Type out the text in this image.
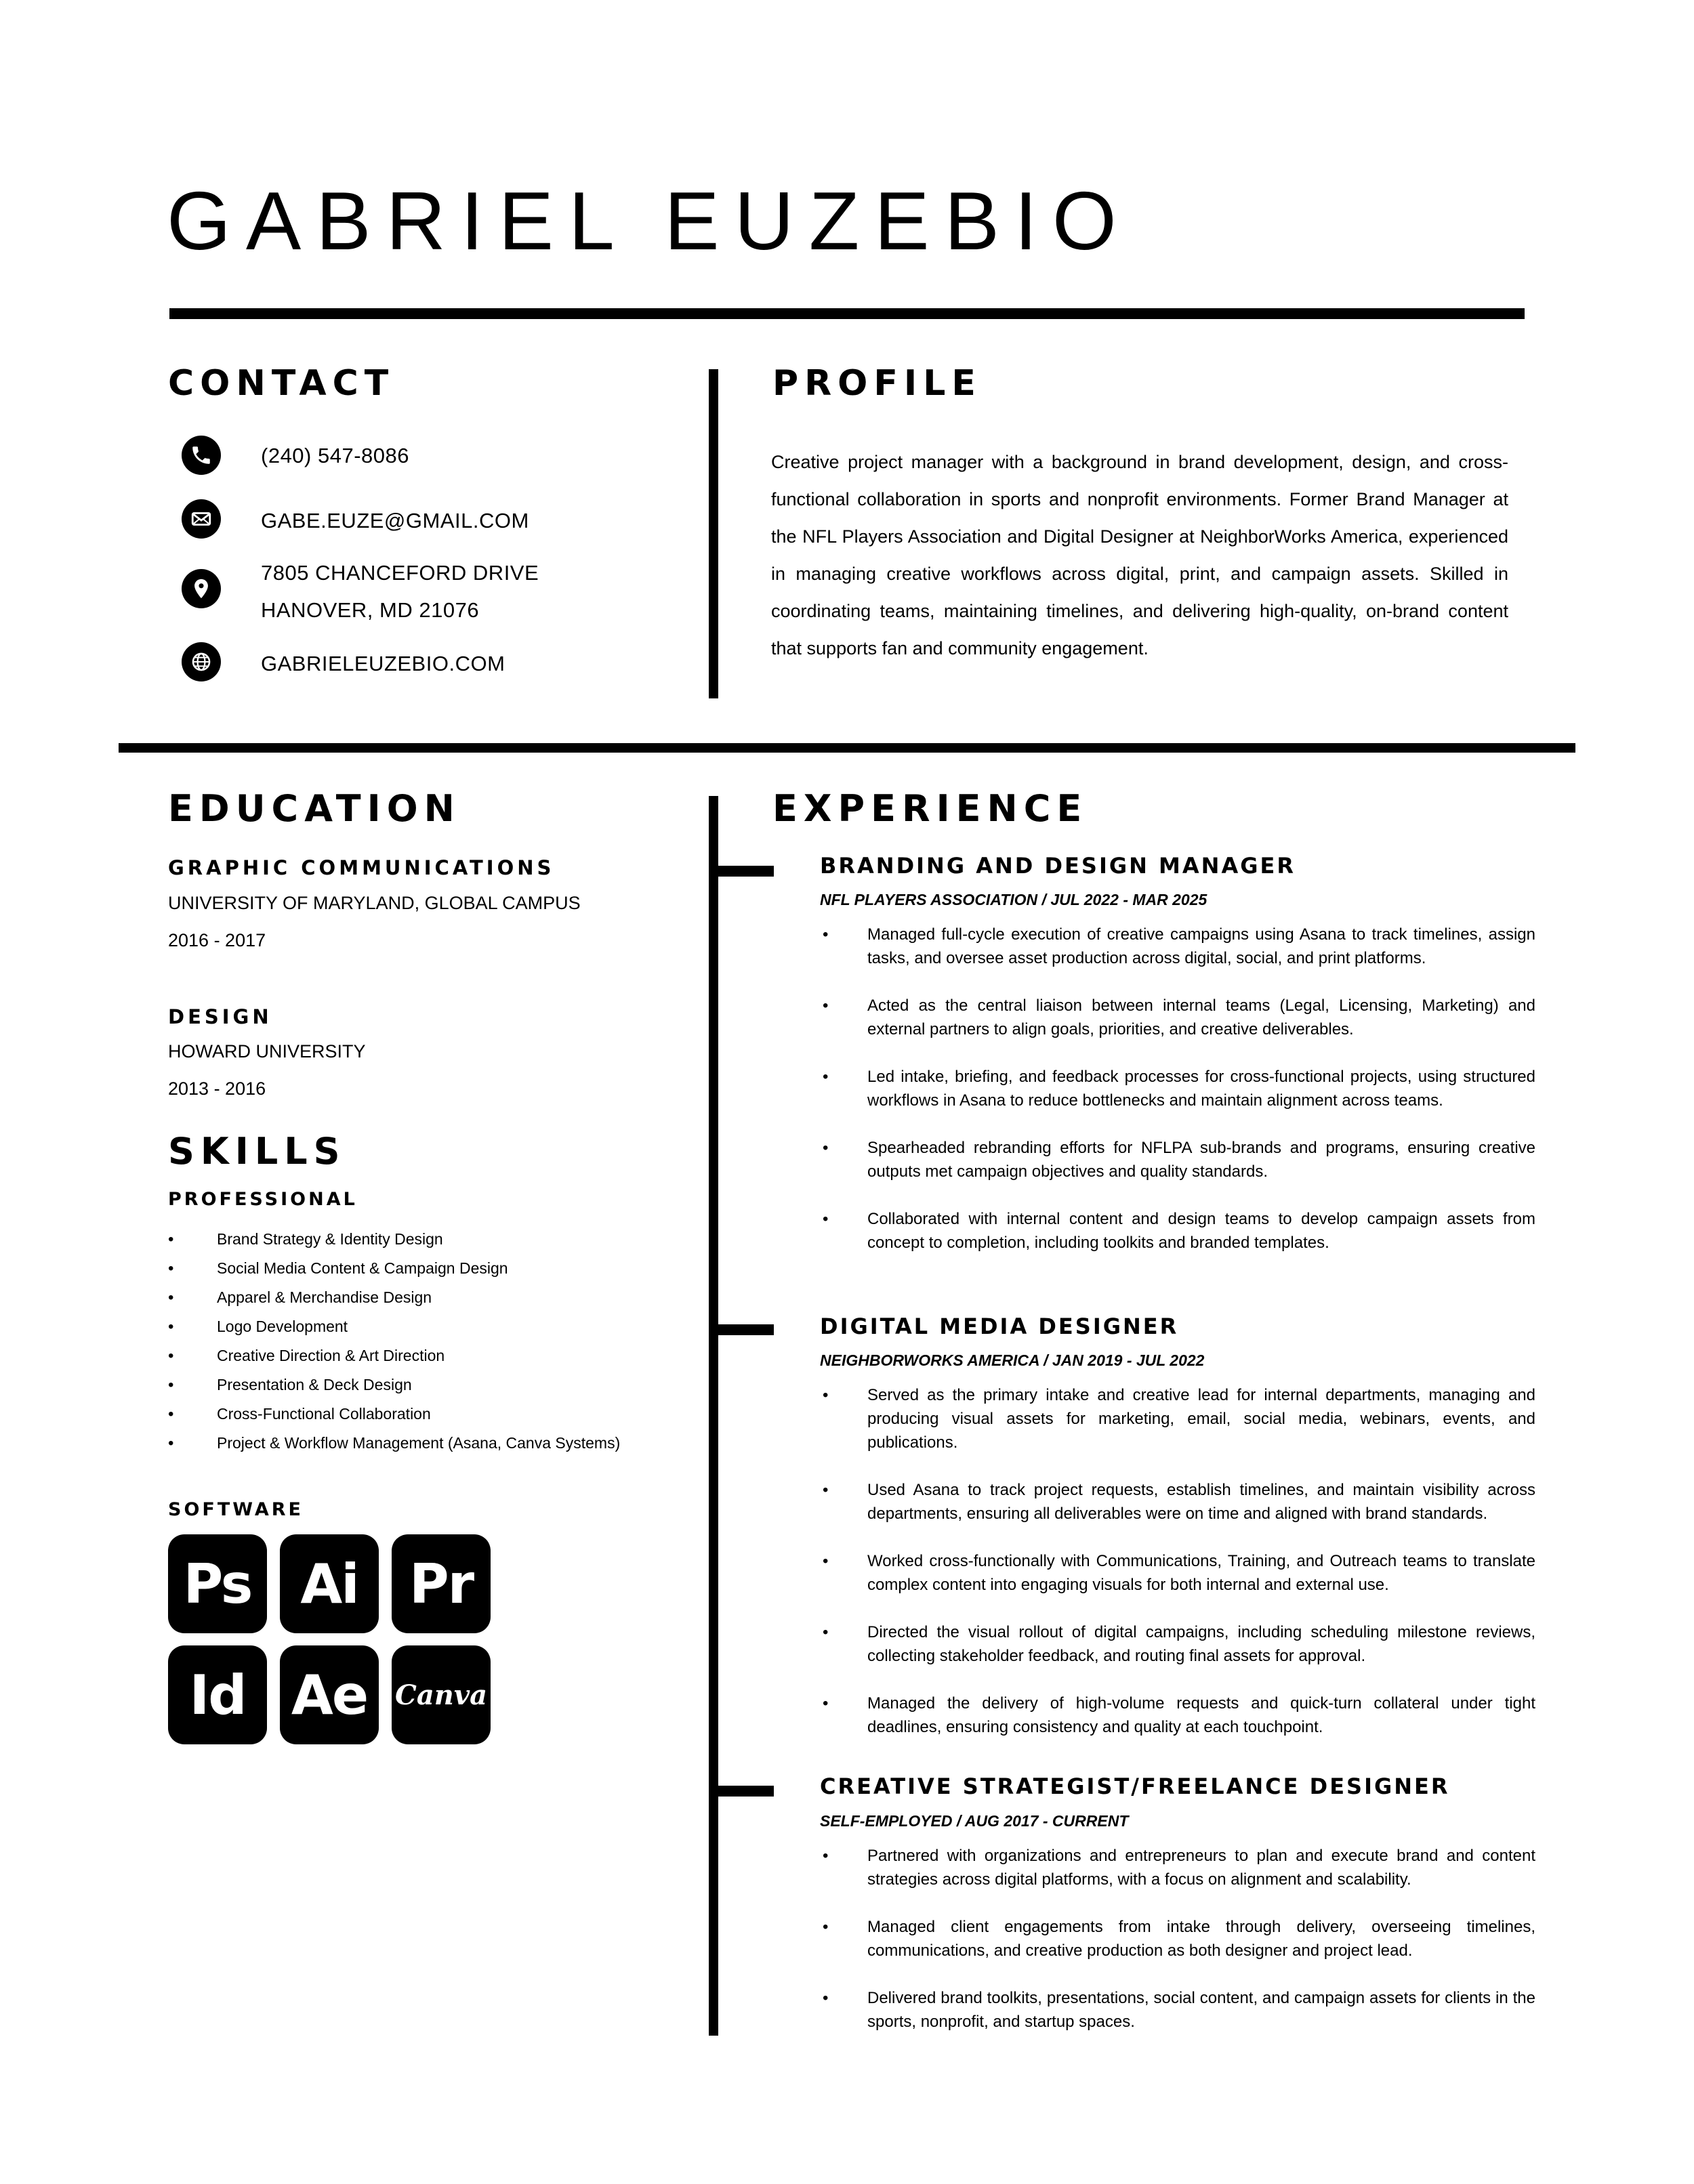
GABRIEL EUZEBIO
CONTACT
(240) 547-8086
GABE.EUZE@GMAIL.COM
7805 CHANCEFORD DRIVE
HANOVER, MD 21076
GABRIELEUZEBIO.COM
PROFILE
Creative project manager with a background in brand development, design, and cross-functional collaboration in sports and nonprofit environments. Former Brand Manager at the NFL Players Association and Digital Designer at NeighborWorks America, experienced in managing creative workflows across digital, print, and campaign assets. Skilled in coordinating teams, maintaining timelines, and delivering high-quality, on-brand content that supports fan and community engagement.
EDUCATION
GRAPHIC COMMUNICATIONS
UNIVERSITY OF MARYLAND, GLOBAL CAMPUS
2016 - 2017
DESIGN
HOWARD UNIVERSITY
2013 - 2016
SKILLS
PROFESSIONAL
• Brand Strategy & Identity Design
• Social Media Content & Campaign Design
• Apparel & Merchandise Design
• Logo Development
• Creative Direction & Art Direction
• Presentation & Deck Design
• Cross-Functional Collaboration
• Project & Workflow Management (Asana, Canva Systems)
SOFTWARE
Ps Ai Pr
Id Ae	Canva
EXPERIENCE
BRANDING AND DESIGN MANAGER
NFL PLAYERS ASSOCIATION / JUL 2022 - MAR 2025
• Managed full-cycle execution of creative campaigns using Asana to track timelines, assign tasks, and oversee asset production across digital, social, and print platforms.
• Acted as the central liaison between internal teams (Legal, Licensing, Marketing) and external partners to align goals, priorities, and creative deliverables.
• Led intake, briefing, and feedback processes for cross-functional projects, using structured workflows in Asana to reduce bottlenecks and maintain alignment across teams.
• Spearheaded rebranding efforts for NFLPA sub-brands and programs, ensuring creative outputs met campaign objectives and quality standards.
• Collaborated with internal content and design teams to develop campaign assets from concept to completion, including toolkits and branded templates.
DIGITAL MEDIA DESIGNER
NEIGHBORWORKS AMERICA / JAN 2019 - JUL 2022
• Served as the primary intake and creative lead for internal departments, managing and producing visual assets for marketing, email, social media, webinars, events, and publications.
• Used Asana to track project requests, establish timelines, and maintain visibility across departments, ensuring all deliverables were on time and aligned with brand standards.
• Worked cross-functionally with Communications, Training, and Outreach teams to translate complex content into engaging visuals for both internal and external use.
• Directed the visual rollout of digital campaigns, including scheduling milestone reviews, collecting stakeholder feedback, and routing final assets for approval.
• Managed the delivery of high-volume requests and quick-turn collateral under tight deadlines, ensuring consistency and quality at each touchpoint.
CREATIVE STRATEGIST/FREELANCE DESIGNER
SELF-EMPLOYED / AUG 2017 - CURRENT
• Partnered with organizations and entrepreneurs to plan and execute brand and content strategies across digital platforms, with a focus on alignment and scalability.
• Managed client engagements from intake through delivery, overseeing timelines, communications, and creative production as both designer and project lead.
• Delivered brand toolkits, presentations, social content, and campaign assets for clients in the sports, nonprofit, and startup spaces.
